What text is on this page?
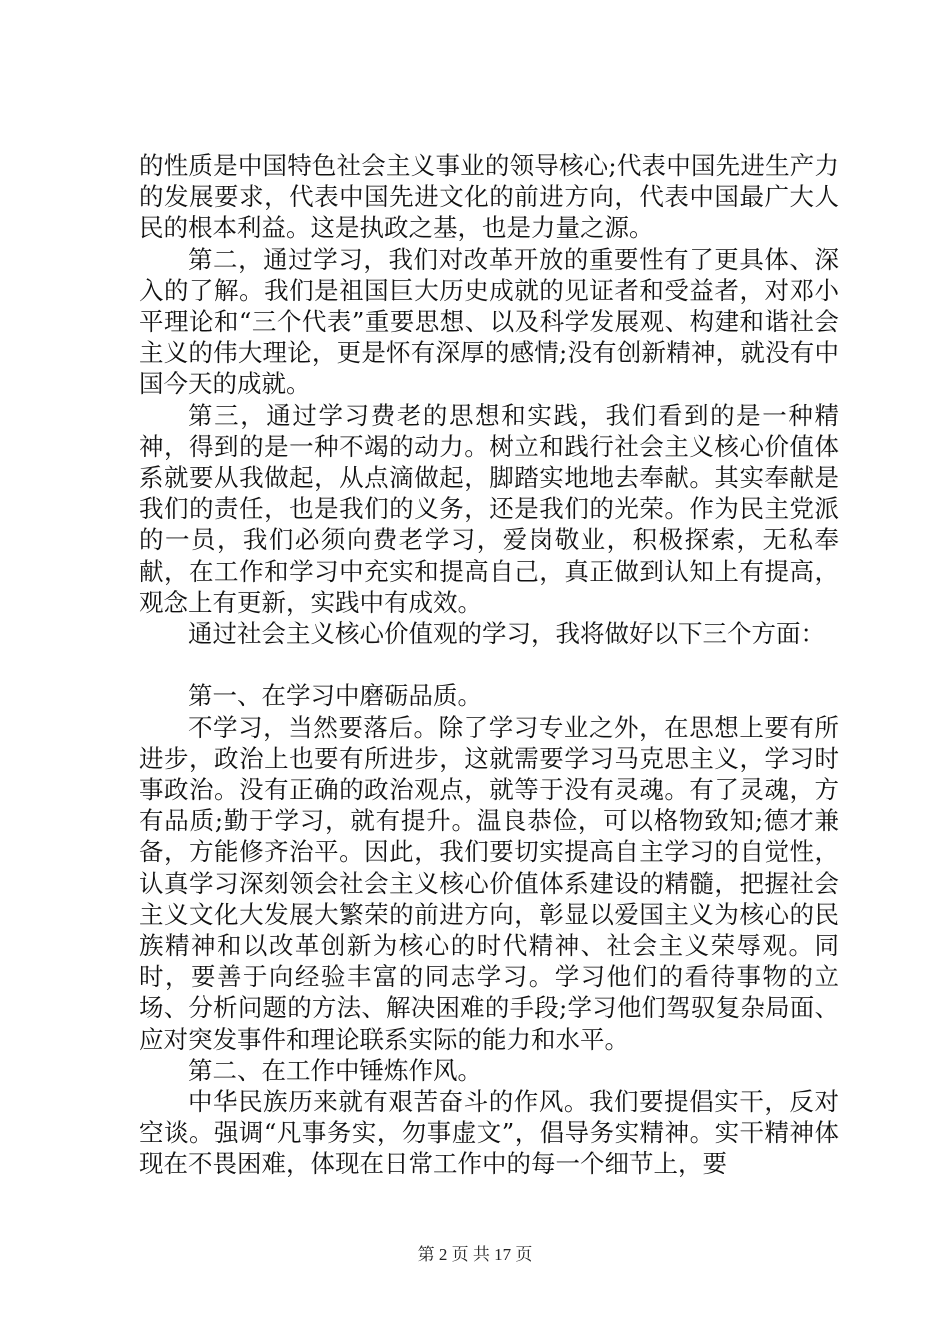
的性质是中国特色社会主义事业的领导核心;代表中国先进生产力的发展要求，代表中国先进文化的前进方向，代表中国最广大人民的根本利益。这是执政之基，也是力量之源。

第二，通过学习，我们对改革开放的重要性有了更具体、深入的了解。我们是祖国巨大历史成就的见证者和受益者，对邓小平理论和“三个代表”重要思想、以及科学发展观、构建和谐社会主义的伟大理论，更是怀有深厚的感情;没有创新精神，就没有中国今天的成就。

第三，通过学习费老的思想和实践，我们看到的是一种精神，得到的是一种不竭的动力。树立和践行社会主义核心价值体系就要从我做起，从点滴做起，脚踏实地地去奉献。其实奉献是我们的责任，也是我们的义务，还是我们的光荣。作为民主党派的一员，我们必须向费老学习，爱岗敬业，积极探索，无私奉献，在工作和学习中充实和提高自己，真正做到认知上有提高，观念上有更新，实践中有成效。

通过社会主义核心价值观的学习，我将做好以下三个方面：

第一、在学习中磨砺品质。

不学习，当然要落后。除了学习专业之外，在思想上要有所进步，政治上也要有所进步，这就需要学习马克思主义，学习时事政治。没有正确的政治观点，就等于没有灵魂。有了灵魂，方有品质;勤于学习，就有提升。温良恭俭，可以格物致知;德才兼备，方能修齐治平。因此，我们要切实提高自主学习的自觉性，认真学习深刻领会社会主义核心价值体系建设的精髓，把握社会主义文化大发展大繁荣的前进方向，彰显以爱国主义为核心的民族精神和以改革创新为核心的时代精神、社会主义荣辱观。同时，要善于向经验丰富的同志学习。学习他们的看待事物的立场、分析问题的方法、解决困难的手段;学习他们驾驭复杂局面、应对突发事件和理论联系实际的能力和水平。

第二、在工作中锤炼作风。

中华民族历来就有艰苦奋斗的作风。我们要提倡实干，反对空谈。强调“凡事务实，勿事虚文”，倡导务实精神。实干精神体现在不畏困难，体现在日常工作中的每一个细节上，要

第 2 页 共 17 页
